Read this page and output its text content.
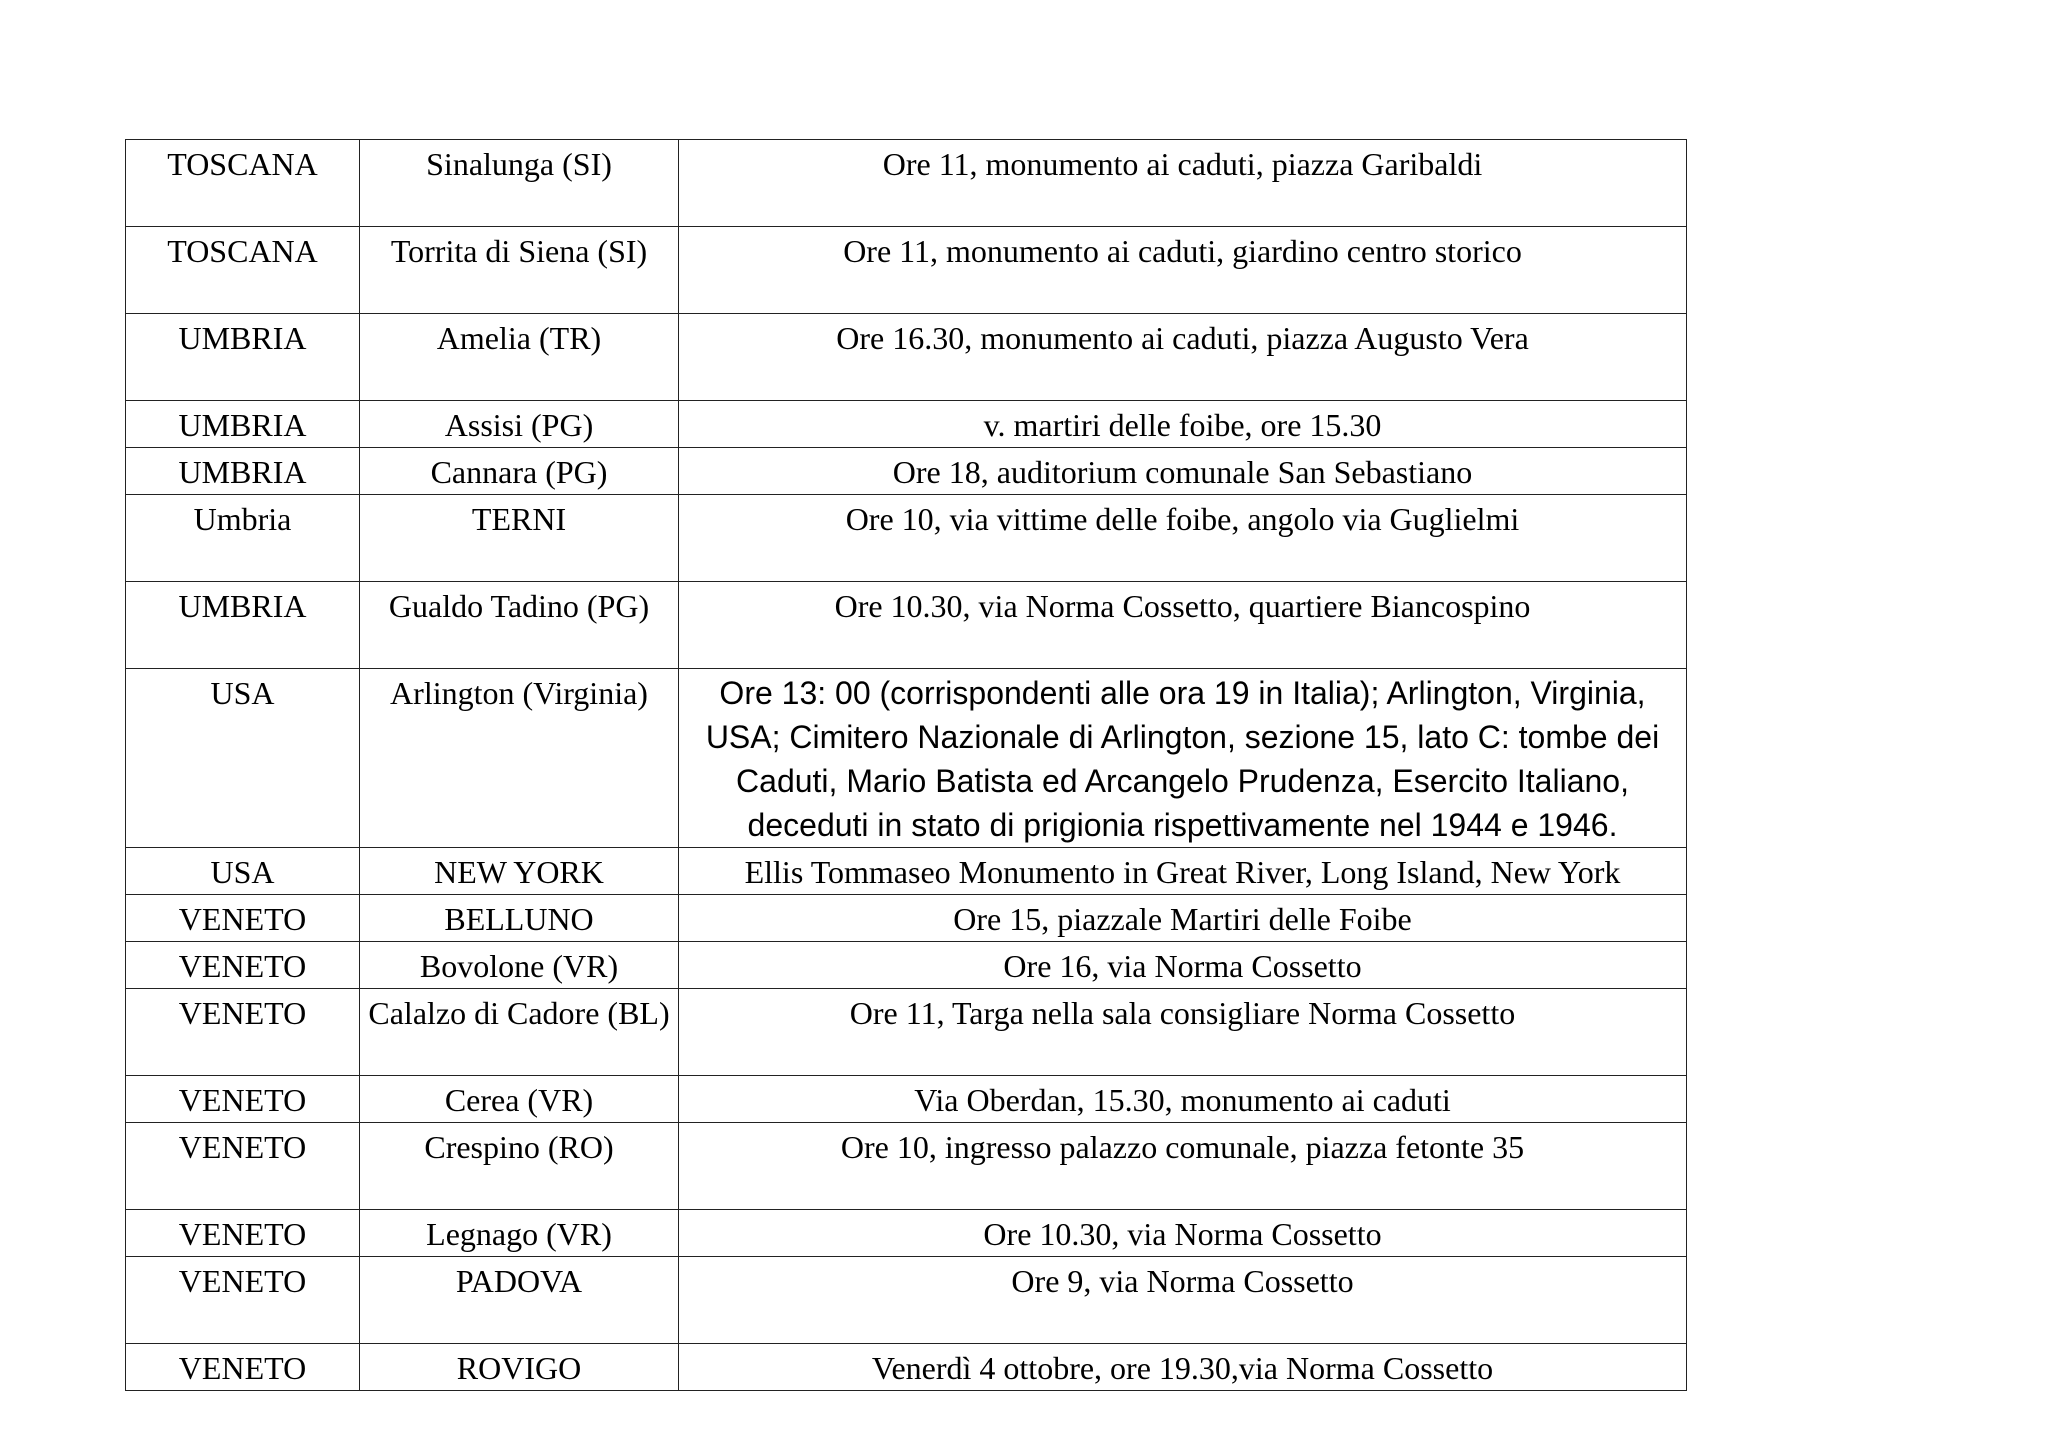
TOSCANA	Sinalunga (SI)	Ore 11, monumento ai caduti, piazza Garibaldi
TOSCANA	Torrita di Siena (SI)	Ore 11, monumento ai caduti, giardino centro storico
UMBRIA	Amelia (TR)	Ore 16.30, monumento ai caduti, piazza Augusto Vera
UMBRIA	Assisi (PG)	v. martiri delle foibe, ore 15.30
UMBRIA	Cannara (PG)	Ore 18, auditorium comunale San Sebastiano
Umbria	TERNI	Ore 10, via vittime delle foibe, angolo via Guglielmi
UMBRIA	Gualdo Tadino (PG)	Ore 10.30, via Norma Cossetto, quartiere Biancospino
USA	Arlington (Virginia)	Ore 13: 00 (corrispondenti alle ora 19 in Italia); Arlington, Virginia, USA; Cimitero Nazionale di Arlington, sezione 15, lato C: tombe dei Caduti, Mario Batista ed Arcangelo Prudenza, Esercito Italiano, deceduti in stato di prigionia rispettivamente nel 1944 e 1946.
USA	NEW YORK	Ellis Tommaseo Monumento in Great River, Long Island, New York
VENETO	BELLUNO	Ore 15, piazzale Martiri delle Foibe
VENETO	Bovolone (VR)	Ore 16, via Norma Cossetto
VENETO	Calalzo di Cadore (BL)	Ore 11, Targa nella sala consigliare Norma Cossetto
VENETO	Cerea (VR)	Via Oberdan, 15.30, monumento ai caduti
VENETO	Crespino (RO)	Ore 10, ingresso palazzo comunale, piazza fetonte 35
VENETO	Legnago (VR)	Ore 10.30, via Norma Cossetto
VENETO	PADOVA	Ore 9, via Norma Cossetto
VENETO	ROVIGO	Venerdì 4 ottobre, ore 19.30,via Norma Cossetto
